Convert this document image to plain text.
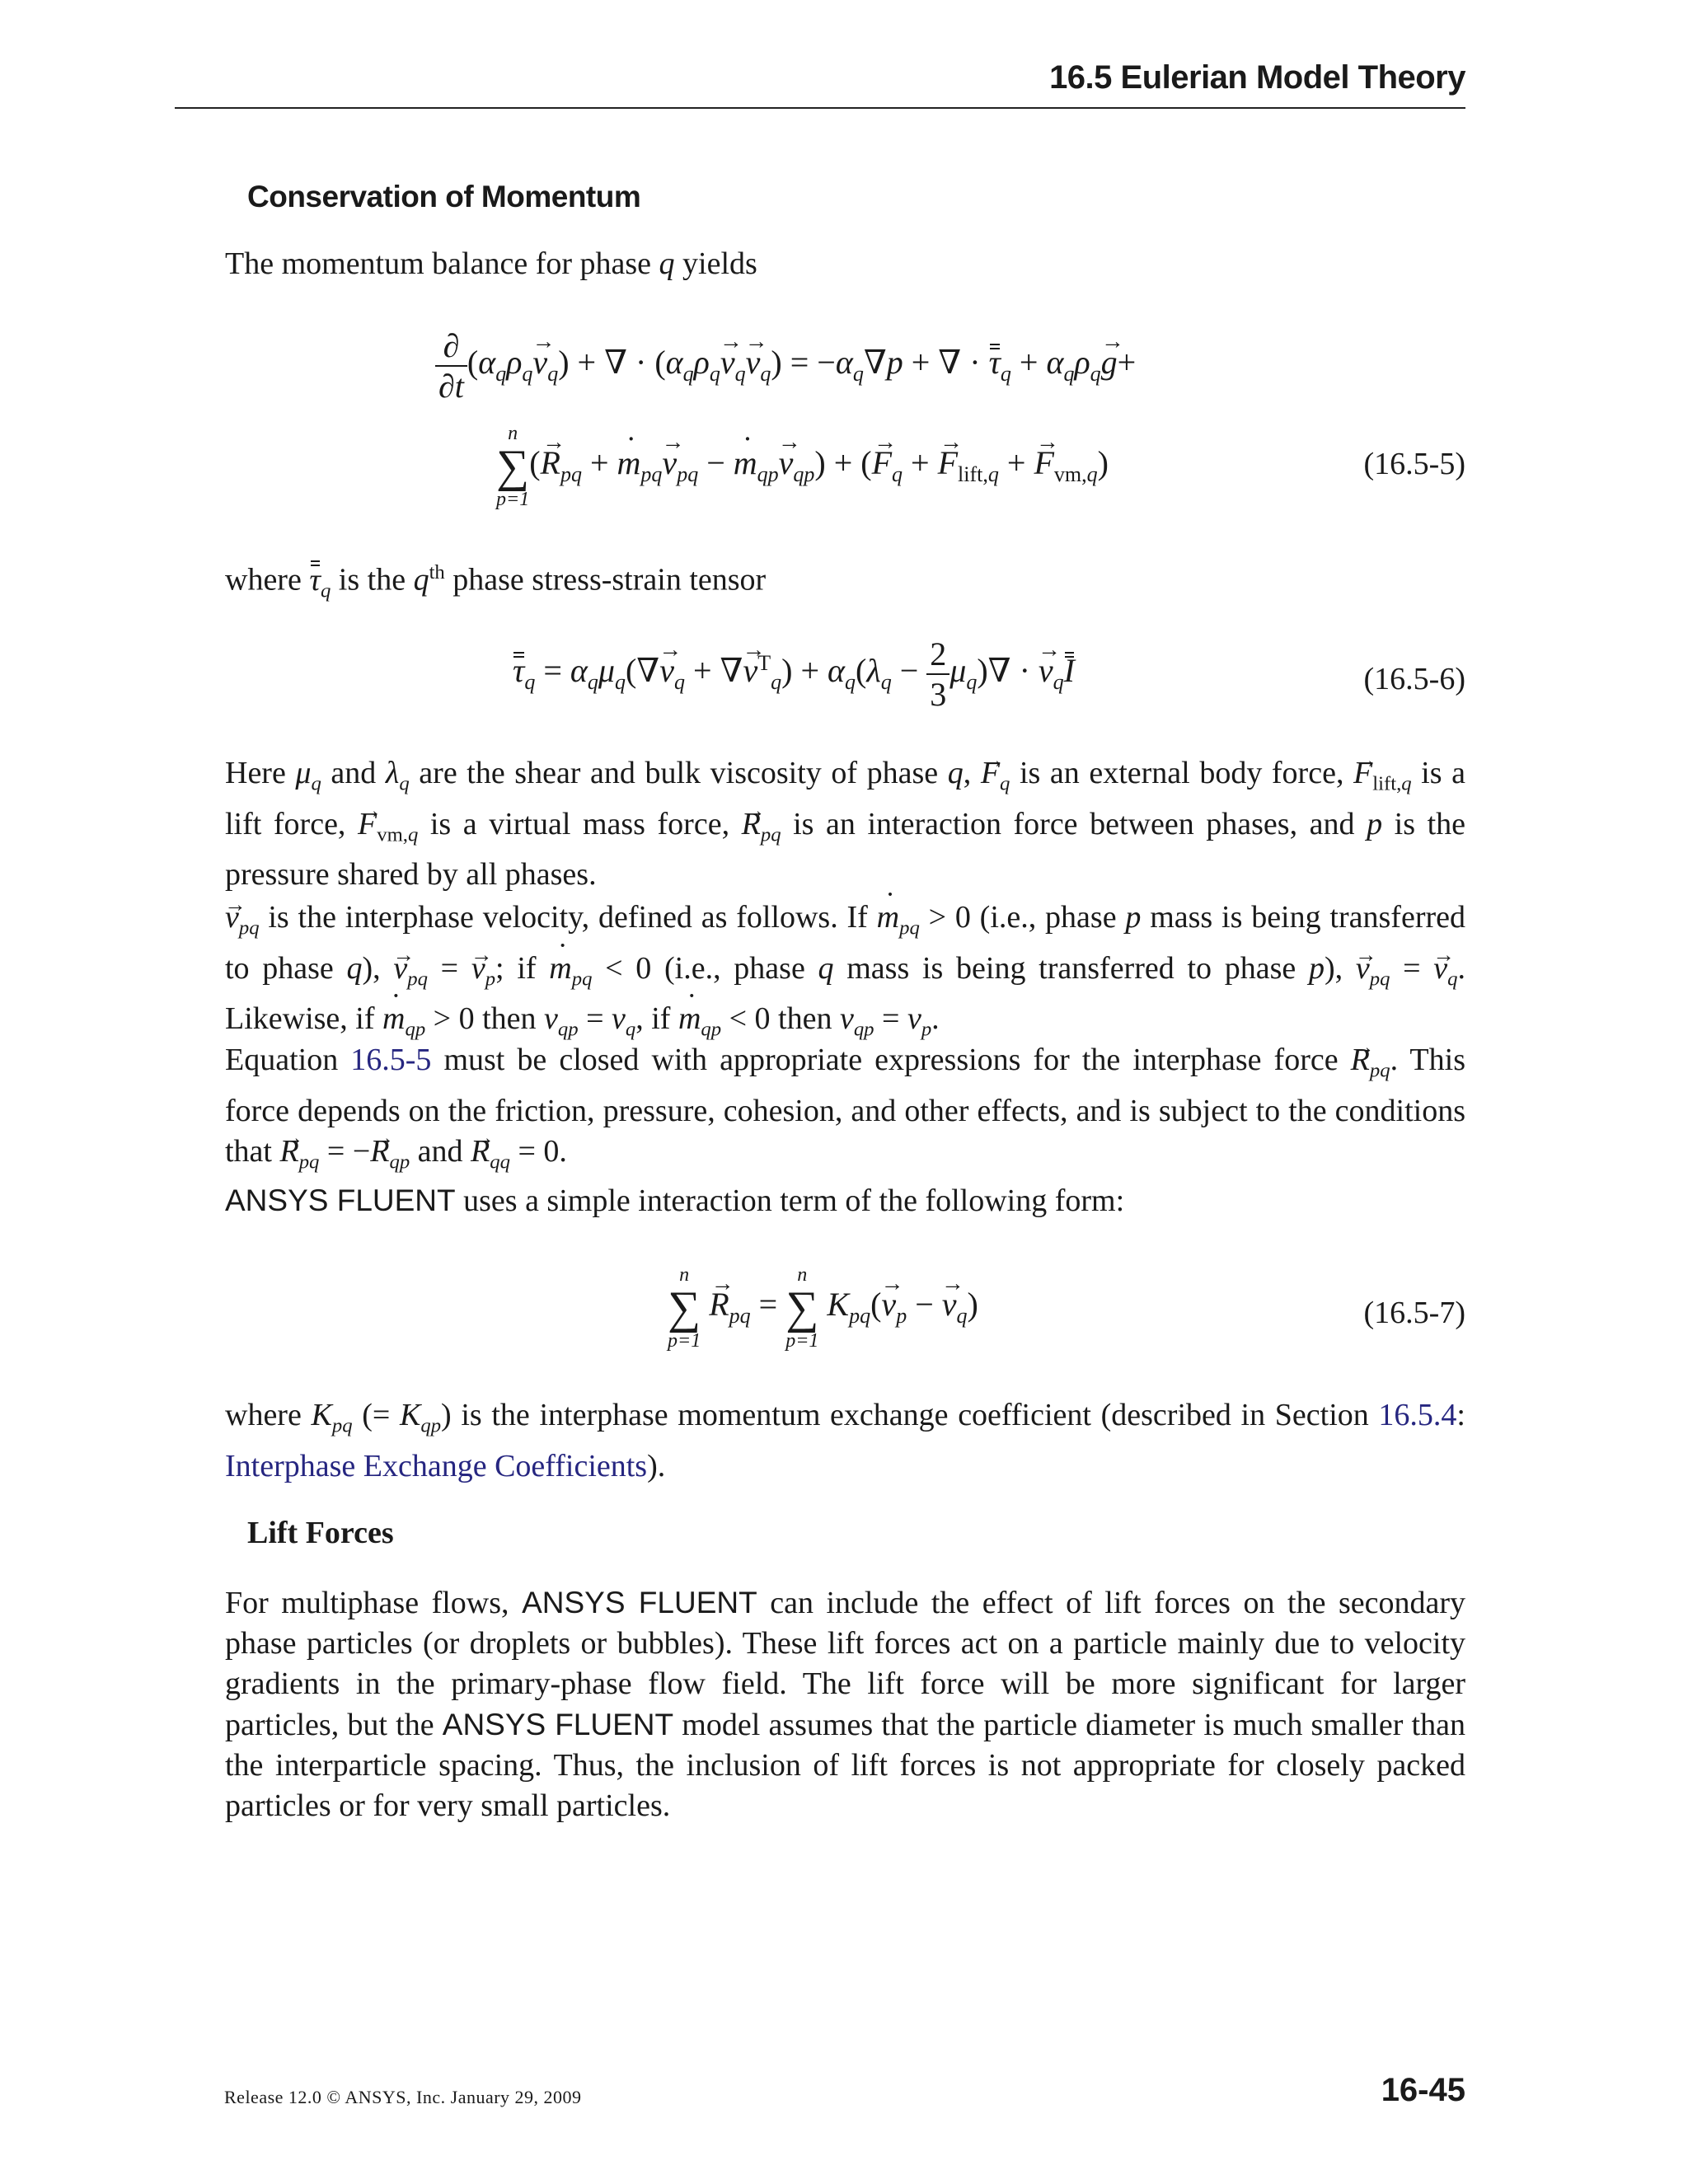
16.5 Eulerian Model Theory
Conservation of Momentum

The momentum balance for phase q yields

$\frac{\partial}{\partial t} (\alpha_q\rho_q\to v_q)$ + ∇ · $(\alpha_q\rho_q\to v_q\to v_q) = -\alpha_q\nabla p$ + ∇ · $\tau_q + \alpha_q\rho_q\to g+$
n
∑
p=1
(→ $R_{pq}$ + ˙ $m_{pq}\to v_{pq}$ − ˙ $m_{qp}\to v_{qp}$) + (→ $F_q$ + → $F_{lift,q}$ + → $F_{vm,q}$)	(16.5-5)

where $\tau_q$ is the $q^{th}$ phase stress-strain tensor

$\tau_q = \alpha_q\mu_q(\nabla\to v_q$ + ∇→ $v^T_q) + \alpha_q(\lambda_q - \frac{2}{3} \mu_q)\nabla$ · → $v_qI$	(16.5-6)

Here $\mu_q$ and $\lambda_q$ are the shear and bulk viscosity of phase q, → $F_q$ is an external body force, → $F_{lift,q}$ is a lift force, → $F_{vm,q}$ is a virtual mass force, → $R_{pq}$ is an interaction force between phases, and p is the pressure shared by all phases.

→ $v_{pq}$ is the interphase velocity, defined as follows. If ˙ $m_{pq} > 0$ (i.e., phase p mass is being transferred to phase q), → $v_{pq}$ = → $v_p$; if ˙ $m_{pq} < 0$ (i.e., phase q mass is being transferred to phase p), → $v_{pq}$ = → $v_q$. Likewise, if ˙ $m_{qp} > 0$ then $v_{qp} = v_q$, if ˙ $m_{qp} < 0$ then $v_{qp} = v_p$.

Equation 16.5-5 must be closed with appropriate expressions for the interphase force → $R_{pq}$. This force depends on the friction, pressure, cohesion, and other effects, and is subject to the conditions that → $R_{pq}$ = −→ $R_{qp}$ and → $R_{qq} = 0$.

ANSYS FLUENT uses a simple interaction term of the following form:

n
∑
p=1
→ $R_{pq}$ =
n
∑
p=1
$K_{pq}(\to v_p$ − → $v_q$)	(16.5-7)

where $K_{pq}$ (= $K_{qp}$) is the interphase momentum exchange coefficient (described in Section 16.5.4: Interphase Exchange Coefficients).

Lift Forces

For multiphase flows, ANSYS FLUENT can include the effect of lift forces on the secondary phase particles (or droplets or bubbles). These lift forces act on a particle mainly due to velocity gradients in the primary-phase flow field. The lift force will be more significant for larger particles, but the ANSYS FLUENT model assumes that the particle diameter is much smaller than the interparticle spacing. Thus, the inclusion of lift forces is not appropriate for closely packed particles or for very small particles.

Release 12.0 © ANSYS, Inc. January 29, 2009	16-45
